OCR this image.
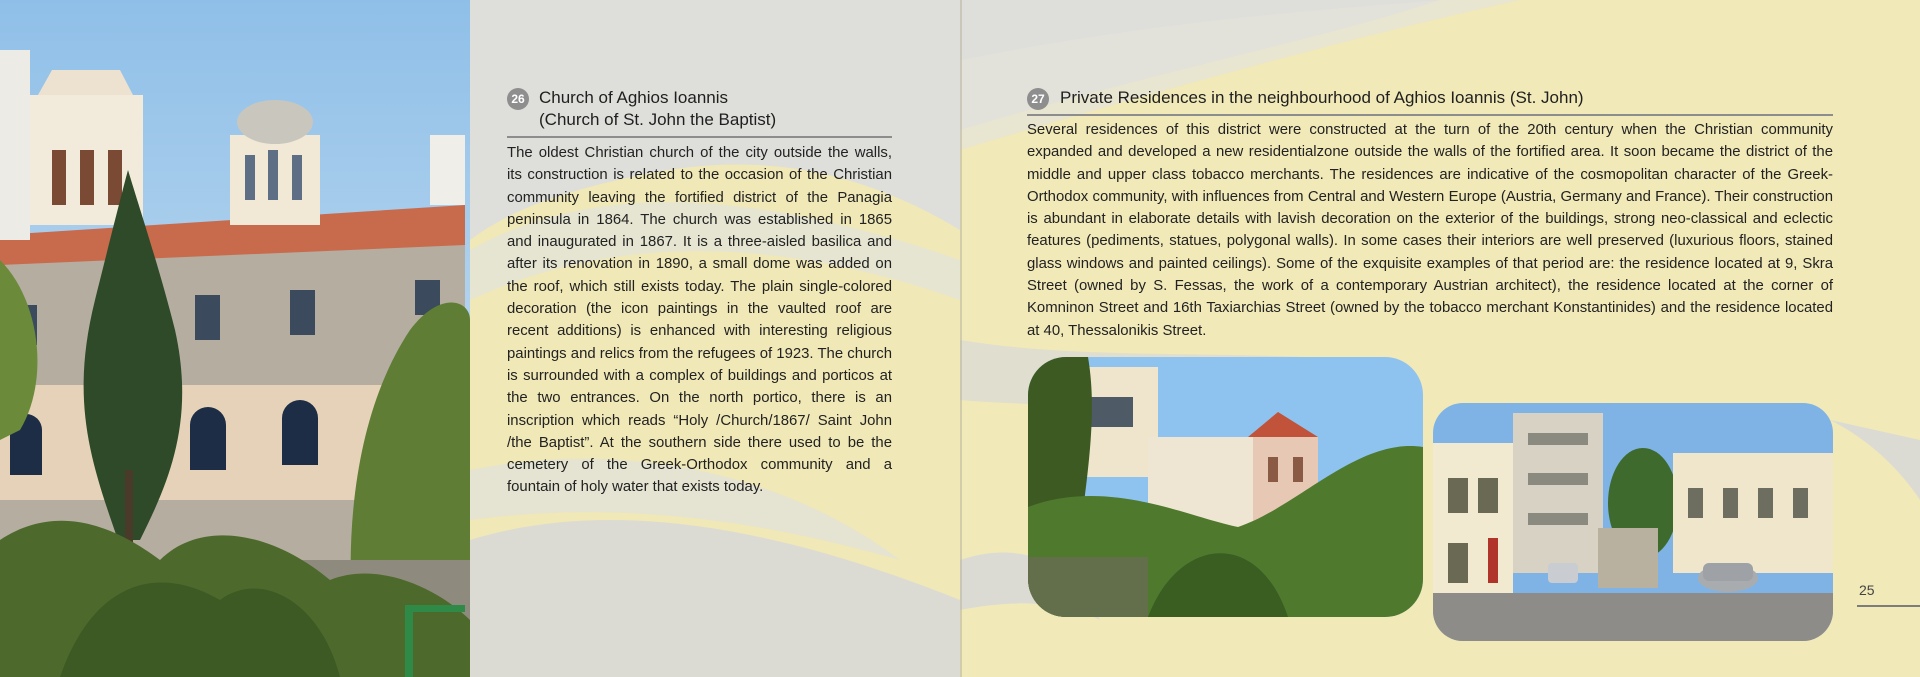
26 Church of Aghios Ioannis
(Church of St. John the Baptist)
The oldest Christian church of the city outside the walls, its construction is related to the occasion of the Christian community leaving the fortified district of the Panagia peninsula in 1864. The church was established in 1865 and inaugurated in 1867. It is a three-aisled basilica and after its renovation in 1890, a small dome was added on the roof, which still exists today. The plain single-colored decoration (the icon paintings in the vaulted roof are recent additions) is enhanced with interesting religious paintings and relics from the refugees of 1923. The church is surrounded with a complex of buildings and porticos at the two entrances. On the north portico, there is an inscription which reads “Holy /Church/1867/ Saint John /the Baptist”. At the southern side there used to be the cemetery of the Greek-Orthodox community and a fountain of holy water that exists today.
27 Private Residences in the neighbourhood of Aghios Ioannis (St. John)
Several residences of this district were constructed at the turn of the 20th century when the Christian community expanded and developed a new residentialzone outside the walls of the fortified area. It soon became the district of the middle and upper class tobacco merchants. The residences are indicative of the cosmopolitan character of the Greek-Orthodox community, with influences from Central and Western Europe (Austria, Germany and France). Their construction is abundant in elaborate details with lavish decoration on the exterior of the buildings, strong neo-classical and eclectic features (pediments, statues, polygonal walls). In some cases their interiors are well preserved (luxurious floors, stained glass windows and painted ceilings). Some of the exquisite examples of that period are: the residence located at 9, Skra Street (owned by S. Fessas, the work of a contemporary Austrian architect), the residence located at the corner of Komninon Street and 16th Taxiarchias Street (owned by the tobacco merchant Konstantinides) and the residence located at 40, Thessalonikis Street.
25
